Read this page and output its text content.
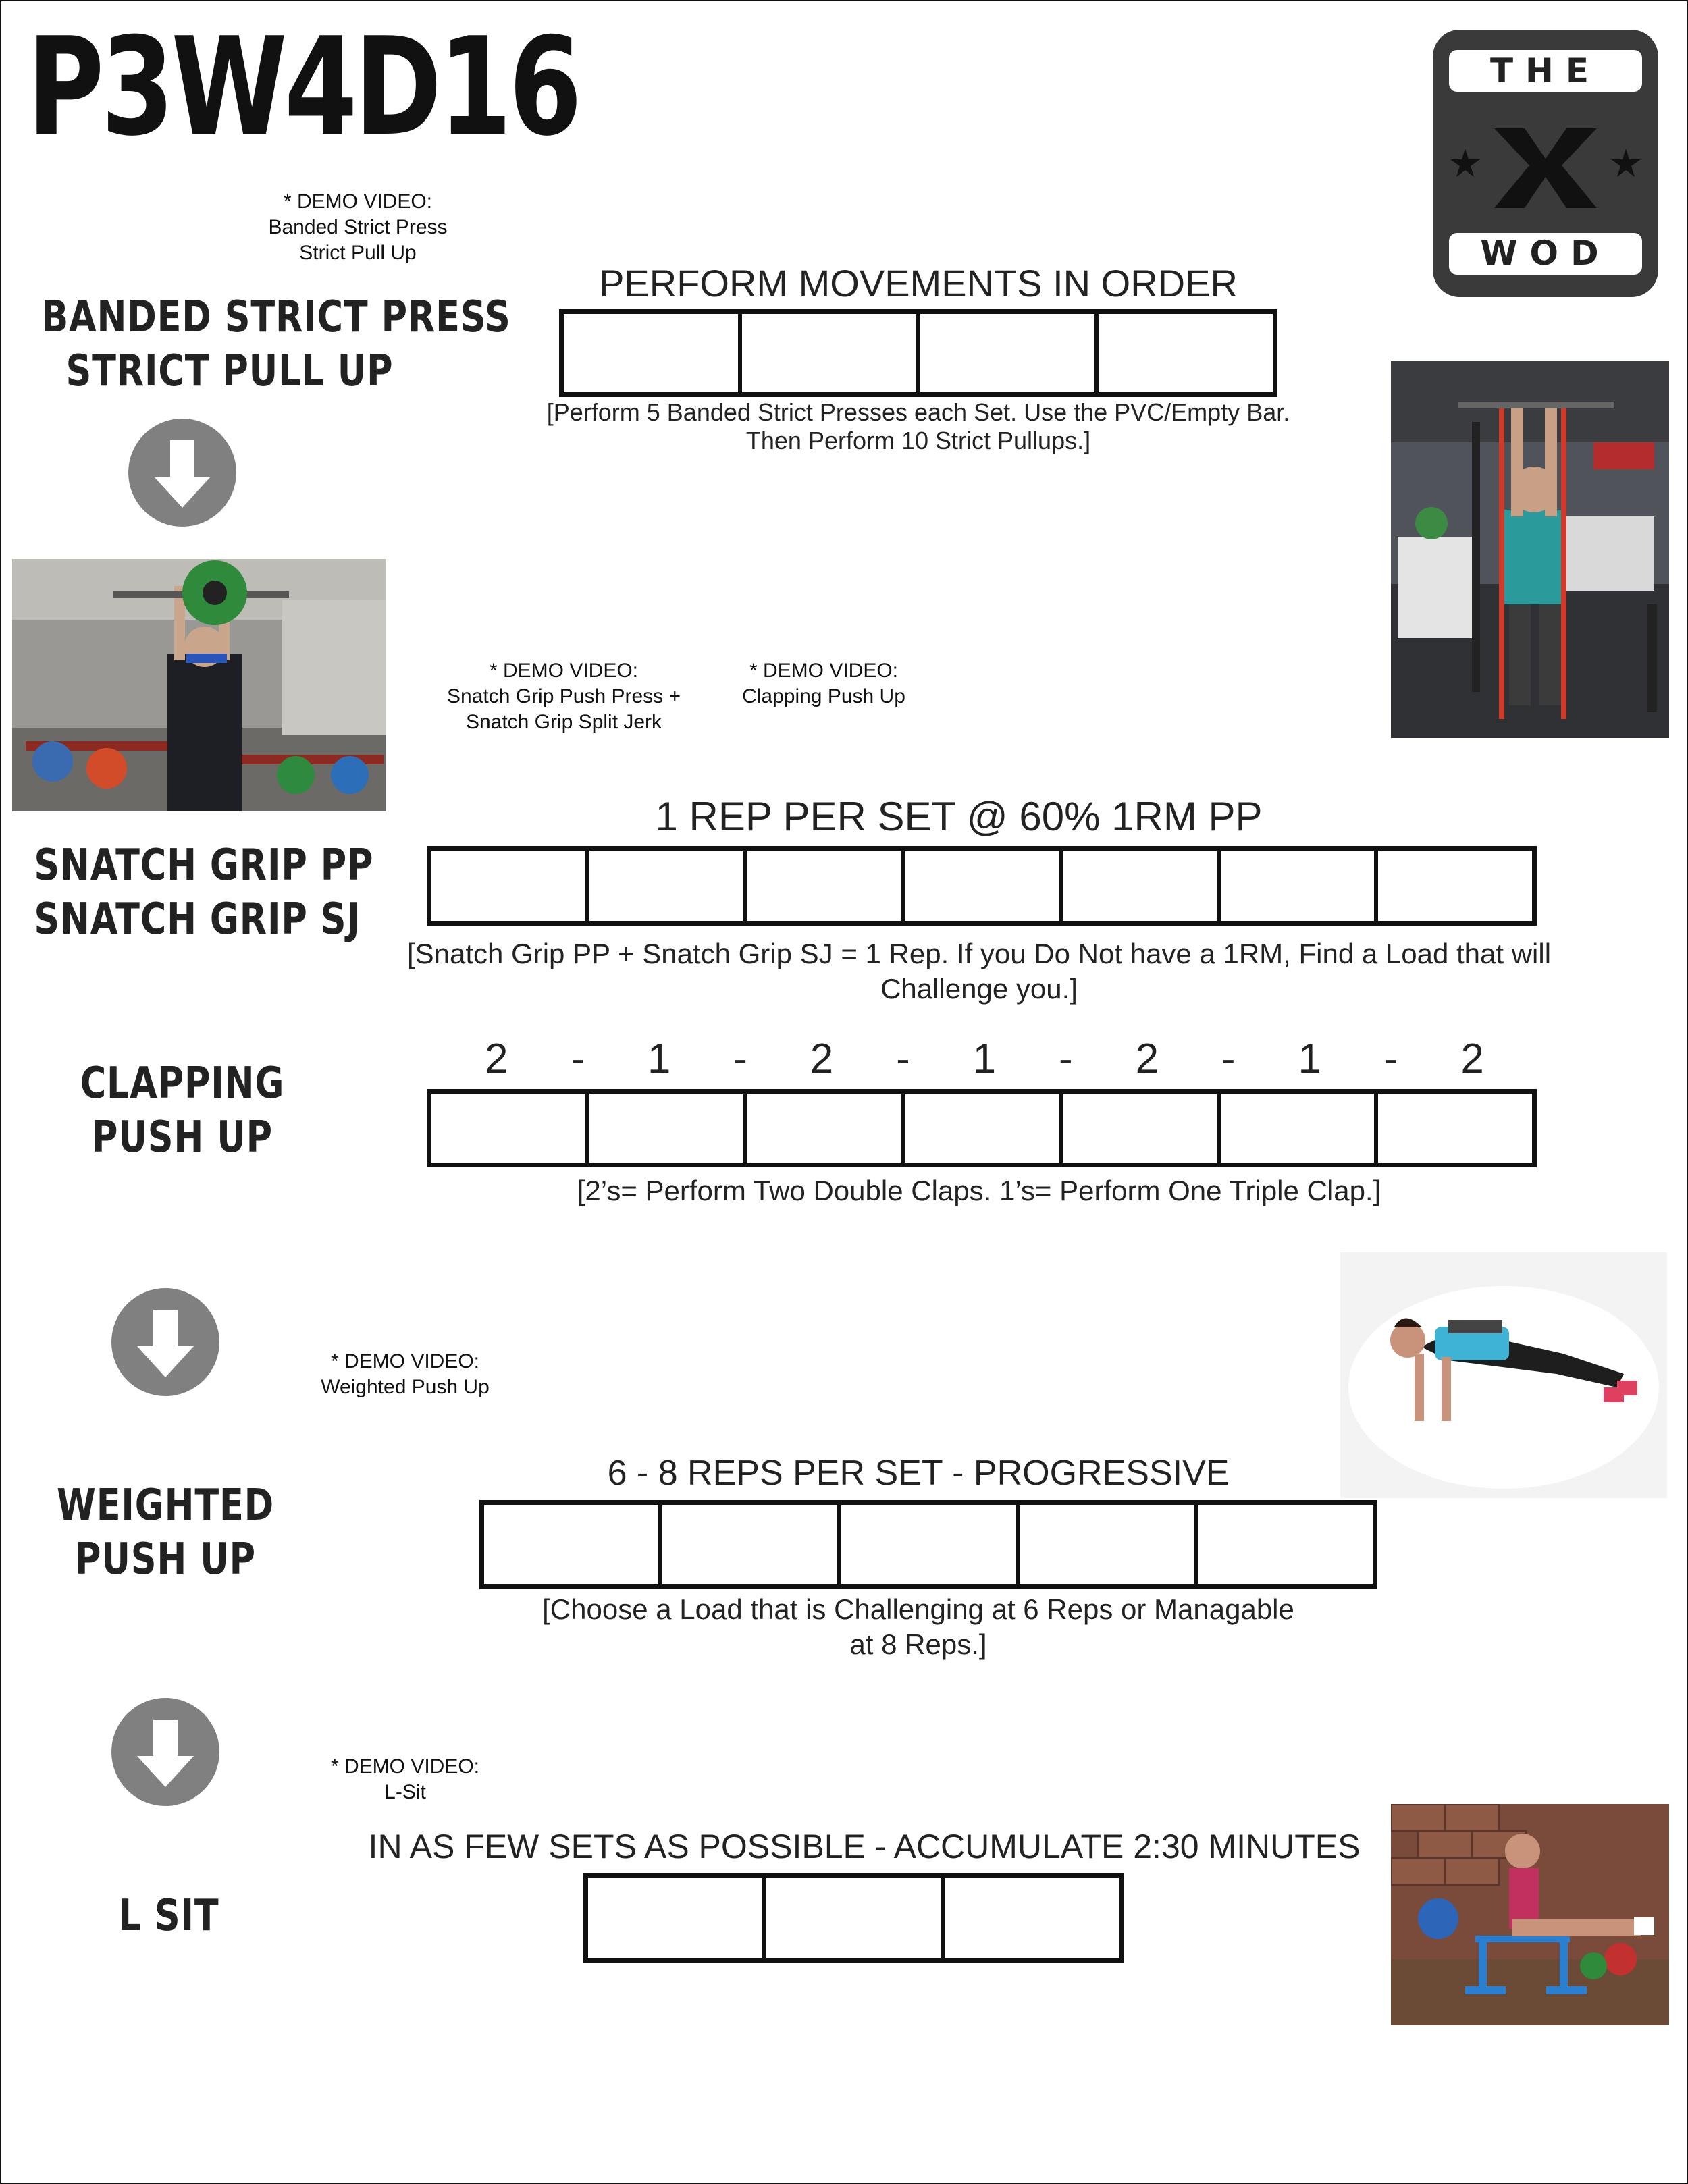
P3W4D16	THE
WOD
* DEMO VIDEO:
Banded Strict Press
Strict Pull Up
BANDED STRICT PRESS
STRICT PULL UP
PERFORM MOVEMENTS IN ORDER
[Perform 5 Banded Strict Presses each Set. Use the PVC/Empty Bar.
Then Perform 10 Strict Pullups.]
* DEMO VIDEO:
Snatch Grip Push Press +
Snatch Grip Split Jerk
* DEMO VIDEO:
Clapping Push Up
SNATCH GRIP PP
SNATCH GRIP SJ
1 REP PER SET @ 60% 1RM PP
[Snatch Grip PP + Snatch Grip SJ = 1 Rep. If you Do Not have a 1RM, Find a Load that will
Challenge you.]
CLAPPING
PUSH UP
2 - 1 - 2 - 1 - 2 - 1 - 2
[2’s= Perform Two Double Claps. 1’s= Perform One Triple Clap.]
* DEMO VIDEO:
Weighted Push Up
WEIGHTED
PUSH UP
6 - 8 REPS PER SET - PROGRESSIVE
[Choose a Load that is Challenging at 6 Reps or Managable
at 8 Reps.]
* DEMO VIDEO:
L-Sit
L SIT
IN AS FEW SETS AS POSSIBLE - ACCUMULATE 2:30 MINUTES
